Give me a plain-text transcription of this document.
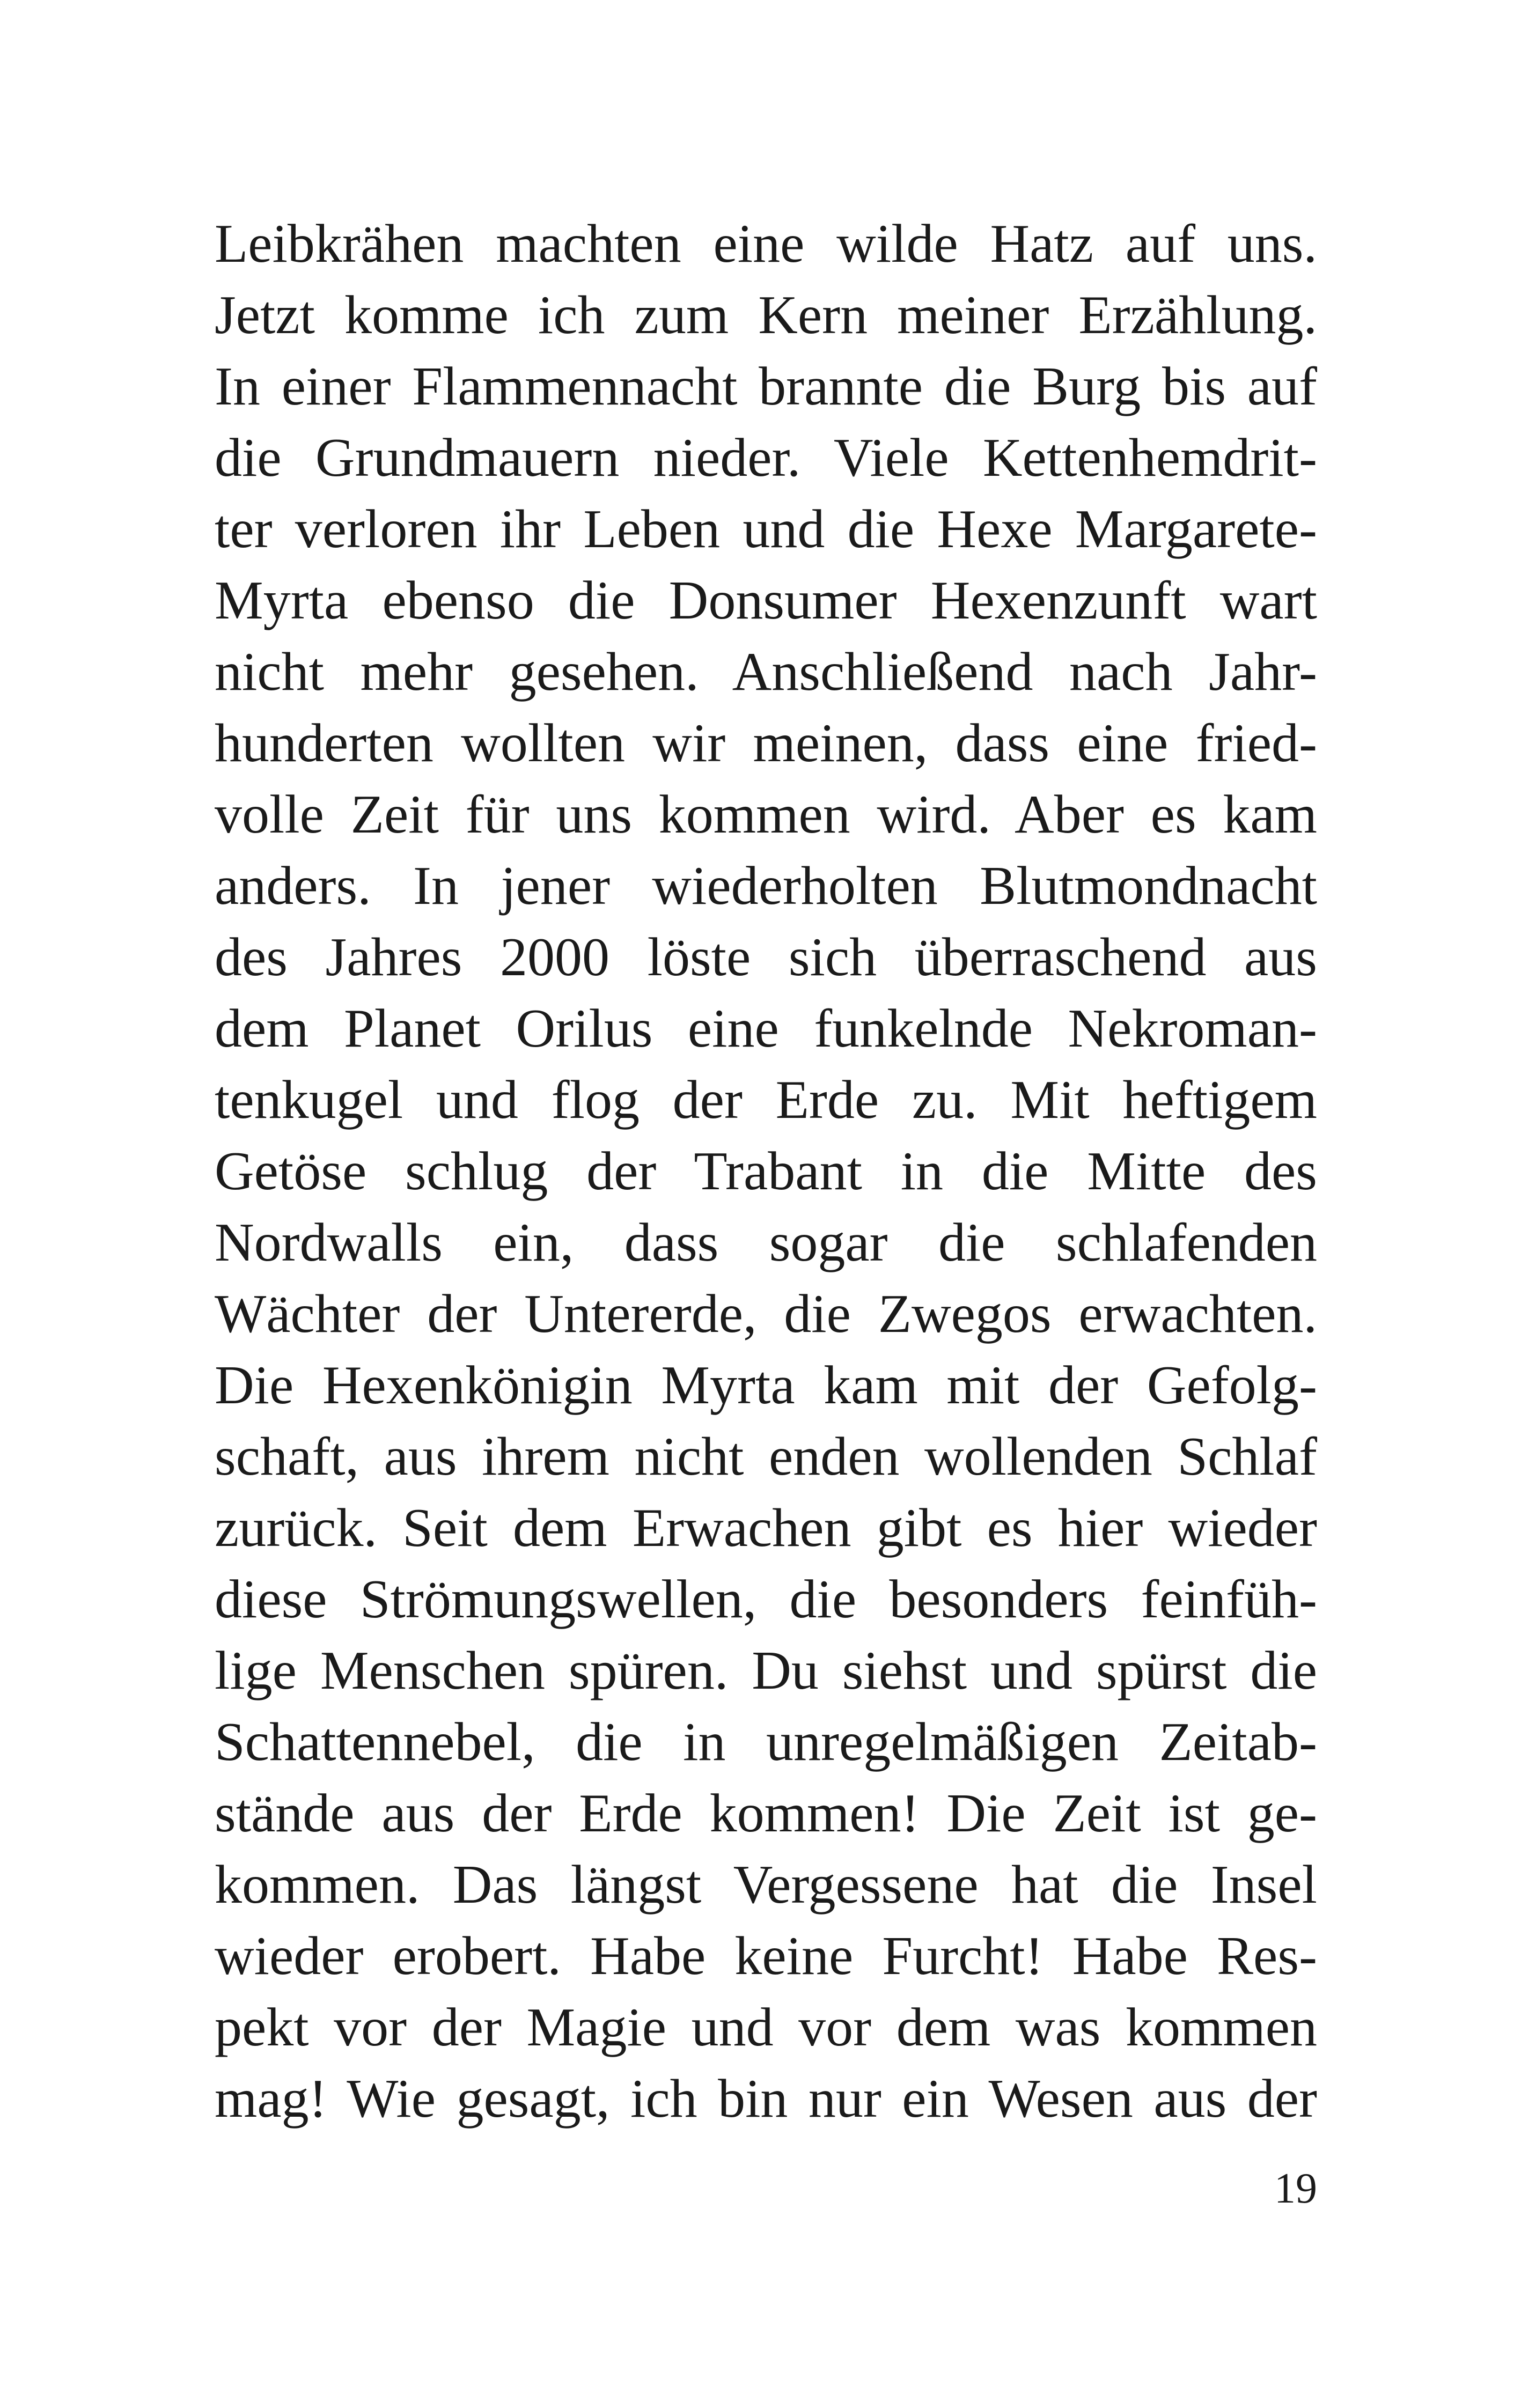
Leibkrähen machten eine wilde Hatz auf uns.
Jetzt komme ich zum Kern meiner Erzählung.
In einer Flammennacht brannte die Burg bis auf
die Grundmauern nieder. Viele Kettenhemdrit-
ter verloren ihr Leben und die Hexe Margarete-
Myrta ebenso die Donsumer Hexenzunft wart
nicht mehr gesehen. Anschließend nach Jahr-
hunderten wollten wir meinen, dass eine fried-
volle Zeit für uns kommen wird. Aber es kam
anders. In jener wiederholten Blutmondnacht
des Jahres 2000 löste sich überraschend aus
dem Planet Orilus eine funkelnde Nekroman-
tenkugel und flog der Erde zu. Mit heftigem
Getöse schlug der Trabant in die Mitte des
Nordwalls ein, dass sogar die schlafenden
Wächter der Untererde, die Zwegos erwachten.
Die Hexenkönigin Myrta kam mit der Gefolg-
schaft, aus ihrem nicht enden wollenden Schlaf
zurück. Seit dem Erwachen gibt es hier wieder
diese Strömungswellen, die besonders feinfüh-
lige Menschen spüren. Du siehst und spürst die
Schattennebel, die in unregelmäßigen Zeitab-
stände aus der Erde kommen! Die Zeit ist ge-
kommen. Das längst Vergessene hat die Insel
wieder erobert. Habe keine Furcht! Habe Res-
pekt vor der Magie und vor dem was kommen
mag! Wie gesagt, ich bin nur ein Wesen aus der
19
